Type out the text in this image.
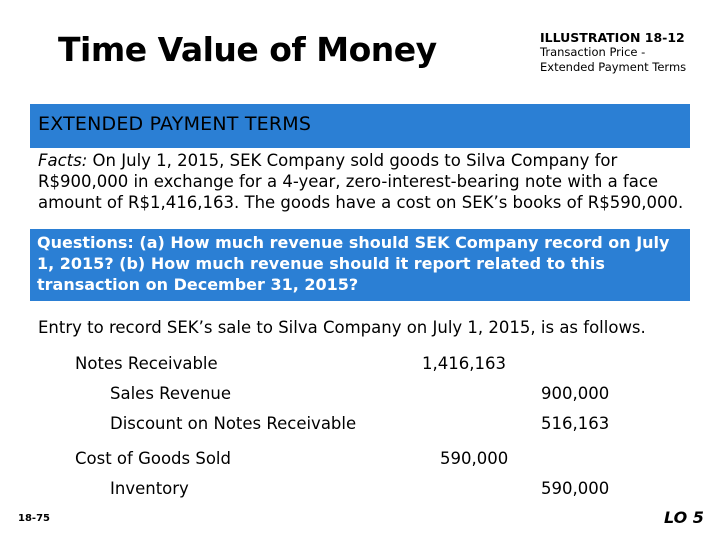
Time Value of Money	ILLUSTRATION 18-12
Transaction Price -
Extended Payment Terms
EXTENDED PAYMENT TERMS
Facts: On July 1, 2015, SEK Company sold goods to Silva Company for R$900,000 in exchange for a 4-year, zero-interest-bearing note with a face amount of R$1,416,163. The goods have a cost on SEK’s books of R$590,000.
Questions: (a) How much revenue should SEK Company record on July 1, 2015? (b) How much revenue should it report related to this transaction on December 31, 2015?
Entry to record SEK’s sale to Silva Company on July 1, 2015, is as follows.
Notes Receivable	1,416,163
Sales Revenue	900,000
Discount on Notes Receivable	516,163
Cost of Goods Sold	590,000
Inventory	590,000
18-75	LO 5
